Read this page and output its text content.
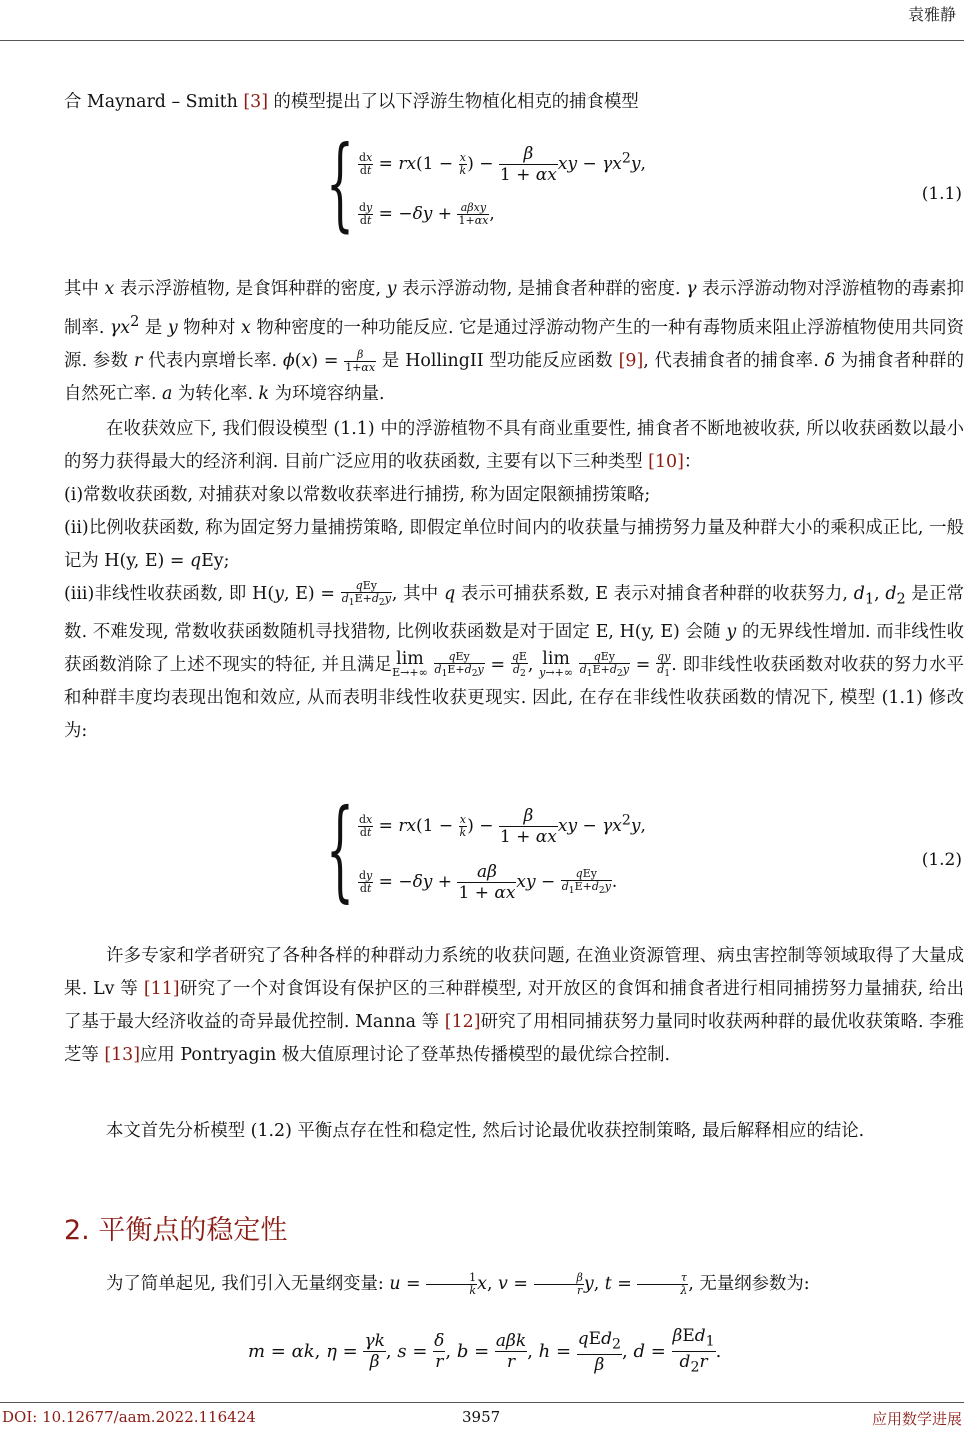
袁雅静

合 Maynard – Smith [3] 的模型提出了以下浮游生物植化相克的捕食模型

{ $\frac{dx}{dt} = rx(1 - \frac{x}{k}$ ) − $\frac{\beta}{1 + \alpha x}$ xy − $\gamma x^2y$,
$\frac{dy}{dt} = -\delta y + \frac{\text{aβxy}}{1+\alpha x}$ ,
(1.1)

其中 x 表示浮游植物, 是食饵种群的密度, y 表示浮游动物, 是捕食者种群的密度. γ 表示浮游动物对浮游植物的毒素抑制率. $\gamma x^2$ 是 y 物种对 x 物种密度的一种功能反应. 它是通过浮游动物产生的一种有毒物质来阻止浮游植物使用共同资源. 参数 r 代表内禀增长率. $\phi(x) = \frac{\beta}{1+\alpha x}$ 是 HollingII 型功能反应函数 [9], 代表捕食者的捕食率. δ 为捕食者种群的自然死亡率. a 为转化率. k 为环境容纳量.

在收获效应下, 我们假设模型 (1.1) 中的浮游植物不具有商业重要性, 捕食者不断地被收获, 所以收获函数以最小的努力获得最大的经济利润. 目前广泛应用的收获函数, 主要有以下三种类型 [10]：

(i)常数收获函数, 对捕获对象以常数收获率进行捕捞, 称为固定限额捕捞策略;

(ii)比例收获函数, 称为固定努力量捕捞策略, 即假定单位时间内的收获量与捕捞努力量及种群大小的乘积成正比, 一般记为 H(y, E) = qEy;

(iii)非线性收获函数, 即 H(y, $E) = \frac{\text{qEy}}{d_1E+d_2y}$ , 其中 q 表示可捕获系数, E 表示对捕食者种群的收获努力, $d_1$, $d_2$ 是正常数. 不难发现, 常数收获函数随机寻找猎物, 比例收获函数是对于固定 E, H(y, E) 会随 y 的无界线性增加. 而非线性收获函数消除了上述不现实的特征, 并且满足 lim
E→+∞
$\frac{\text{qEy}}{d_1E+d_2y} = \frac{qE}{d_2}$ , lim
y→+∞
$\frac{\text{qEy}}{d_1E+d_2y} = \frac{qy}{d_1}$ . 即非线性收获函数对收获的努力水平和种群丰度均表现出饱和效应, 从而表明非线性收获更现实. 因此, 在存在非线性收获函数的情况下, 模型 (1.1) 修改为:

{ $\frac{dx}{dt} = rx(1 - \frac{x}{k}$ ) − $\frac{\beta}{1 + \alpha x}$ xy − $\gamma x^2y$,
$\frac{dy}{dt} = -\delta y + \frac{a\beta}{1 + \alpha x}$ xy − $\frac{\text{qEy}}{d_1E+d_2y}$ .
(1.2)

许多专家和学者研究了各种各样的种群动力系统的收获问题, 在渔业资源管理、病虫害控制等领域取得了大量成果. Lv 等 [11]研究了一个对食饵设有保护区的三种群模型, 对开放区的食饵和捕食者进行相同捕捞努力量捕获, 给出了基于最大经济收益的奇异最优控制. Manna 等 [12]研究了用相同捕获努力量同时收获两种群的最优收获策略. 李雅芝等 [13]应用 Pontryagin 极大值原理讨论了登革热传播模型的最优综合控制.

本文首先分析模型 (1.2) 平衡点存在性和稳定性, 然后讨论最优收获控制策略, 最后解释相应的结论.

2. 平衡点的稳定性

为了简单起见, 我们引入无量纲变量: $u = \frac{1}{k} x$, $v = \frac{\beta}{r} y$, $t = \frac{\tau}{\lambda}$ , 无量纲参数为:

m = αk, $\eta = \frac{\gamma k}{\beta}$ , $s = \frac{\delta}{r}$ , $b = \frac{\text{aβk}}{r}$ , $h = \frac{qEd_2}{\beta}$ , $d = \frac{\beta Ed_1}{d_2r}$ .
DOI: 10.12677/aam.2022.116424	3957	应用数学进展
